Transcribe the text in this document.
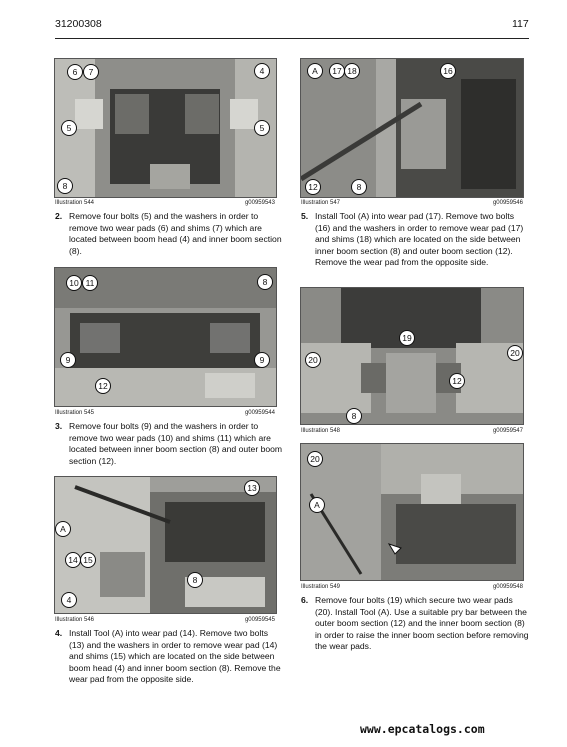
31200308	117
6	7	4
5	5
8
Illustration 544	g00959543
2. Remove four bolts (5) and the washers in order to remove two wear pads (6) and shims (7) which are located between boom head (4) and inner boom section (8).
10 11	8
9	9
12
Illustration 545	g00959544
3. Remove four bolts (9) and the washers in order to remove two wear pads (10) and shims (11) which are located between inner boom section (8) and outer boom section (12).
13
A
14 15
8
4
Illustration 546	g00959545
4. Install Tool (A) into wear pad (14). Remove two bolts (13) and the washers in order to remove wear pad (14) and shims (15) which are located on the side between boom head (4) and inner boom section (8). Remove the wear pad from the opposite side.
A	17 18	16
12	8
Illustration 547	g00959546
5. Install Tool (A) into wear pad (17). Remove two bolts (16) and the washers in order to remove wear pad (17) and shims (18) which are located on the side between inner boom section (8) and outer boom section (12). Remove the wear pad from the opposite side.
19
20
20
12
8
Illustration 548	g00959547
20
A
Illustration 549	g00959548
6. Remove four bolts (19) which secure two wear pads (20). Install Tool (A). Use a suitable pry bar between the outer boom section (12) and the inner boom section (8) in order to raise the inner boom section before removing the wear pads.
www.epcatalogs.com
